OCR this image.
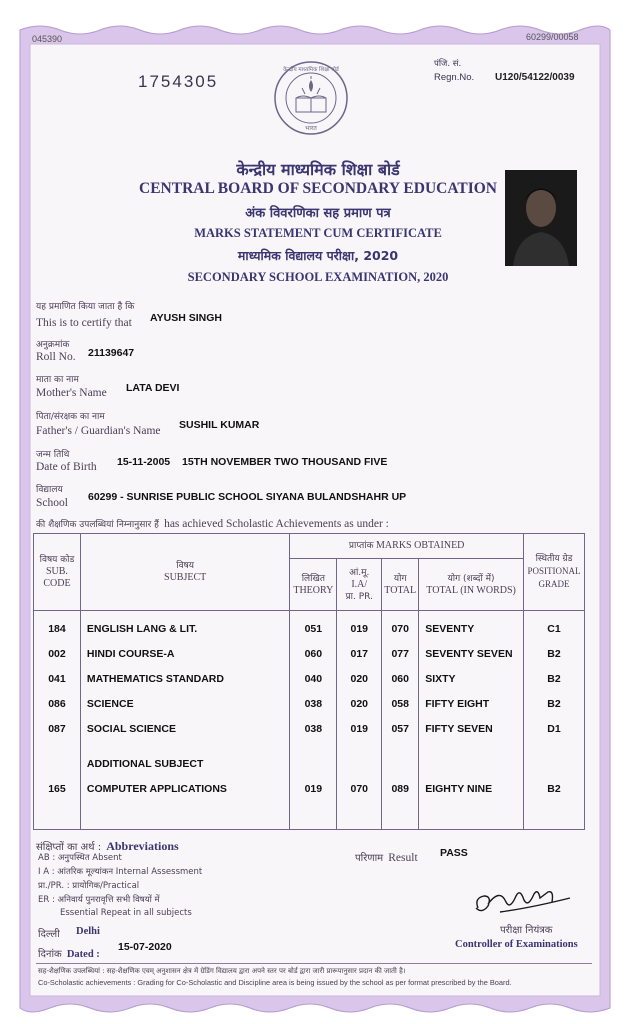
045390	60299/00058
1754305
पंजि. सं.
Regn.No. U120/54122/0039
केन्द्रीय माध्यमिक शिक्षा बोर्ड
भारत
केन्द्रीय माध्यमिक शिक्षा बोर्ड
CENTRAL BOARD OF SECONDARY EDUCATION
अंक विवरणिका सह प्रमाण पत्र
MARKS STATEMENT CUM CERTIFICATE
माध्यमिक विद्यालय परीक्षा, 2020
SECONDARY SCHOOL EXAMINATION, 2020
यह प्रमाणित किया जाता है कि
This is to certify that AYUSH SINGH
अनुक्रमांक
Roll No. 21139647
माता का नाम
Mother's Name LATA DEVI
पिता/संरक्षक का नाम
Father's / Guardian's Name SUSHIL KUMAR
जन्म तिथि
Date of Birth 15-11-2005 15TH NOVEMBER TWO THOUSAND FIVE
विद्यालय
School 60299 - SUNRISE PUBLIC SCHOOL SIYANA BULANDSHAHR UP
की शैक्षणिक उपलब्धियां निम्नानुसार हैं has achieved Scholastic Achievements as under :
विषय कोड
SUB. CODE	विषय
SUBJECT	प्राप्तांक MARKS OBTAINED				स्थितीय ग्रेड
POSITIONAL GRADE
		लिखित
THEORY	आं.मू.
I.A/
प्रा. PR.	योग
TOTAL	योग (शब्दों में)
TOTAL (IN WORDS)	

184	ENGLISH LANG & LIT.	051	019	070	SEVENTY	C1
002	HINDI COURSE-A	060	017	077	SEVENTY SEVEN	B2
041	MATHEMATICS STANDARD	040	020	060	SIXTY	B2
086	SCIENCE	038	020	058	FIFTY EIGHT	B2
087	SOCIAL SCIENCE	038	019	057	FIFTY SEVEN	D1

	ADDITIONAL SUBJECT					
165	COMPUTER APPLICATIONS	019	070	089	EIGHTY NINE	B2

संक्षिप्तों का अर्थ : Abbreviations
AB : अनुपस्थित Absent
I A : आंतरिक मूल्यांकन Internal Assessment
प्रा./PR. : प्रायोगिक/Practical
ER : अनिवार्य पुनरावृत्ति सभी विषयों में
Essential Repeat in all subjects
परिणाम Result PASS
दिल्ली Delhi
दिनांक Dated :
15-07-2020
परीक्षा नियंत्रक
Controller of Examinations
सह-शैक्षणिक उपलब्धियां : सह-शैक्षणिक एवम् अनुशासन क्षेत्र में ग्रेडिंग विद्यालय द्वारा अपने स्तर पर बोर्ड द्वारा जारी प्रारूपानुसार प्रदान की जाती है।
Co-Scholastic achievements : Grading for Co-Scholastic and Discipline area is being issued by the school as per format prescribed by the Board.
